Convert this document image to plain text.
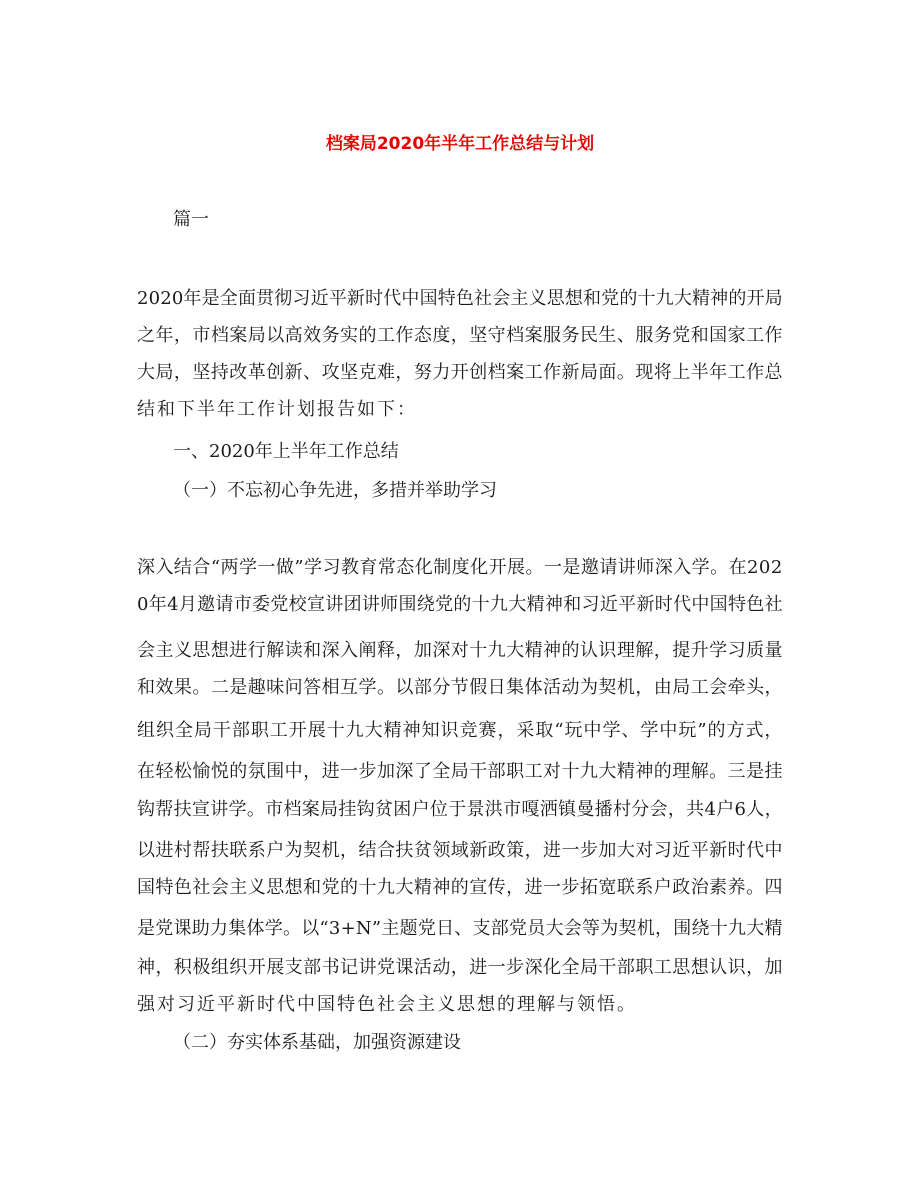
档案局2020年半年工作总结与计划
篇一
2020年是全面贯彻习近平新时代中国特色社会主义思想和党的十九大精神的开局
之年，市档案局以高效务实的工作态度，坚守档案服务民生、服务党和国家工作
大局，坚持改革创新、攻坚克难，努力开创档案工作新局面。现将上半年工作总
结和下半年工作计划报告如下：
一、2020年上半年工作总结
（一）不忘初心争先进，多措并举助学习
深入结合“两学一做”学习教育常态化制度化开展。一是邀请讲师深入学。在202
0年4月邀请市委党校宣讲团讲师围绕党的十九大精神和习近平新时代中国特色社
会主义思想进行解读和深入阐释，加深对十九大精神的认识理解，提升学习质量
和效果。二是趣味问答相互学。以部分节假日集体活动为契机，由局工会牵头，
组织全局干部职工开展十九大精神知识竞赛，采取“玩中学、学中玩”的方式，
在轻松愉悦的氛围中，进一步加深了全局干部职工对十九大精神的理解。三是挂
钩帮扶宣讲学。市档案局挂钩贫困户位于景洪市嘎洒镇曼播村分会，共4户6人，
以进村帮扶联系户为契机，结合扶贫领域新政策，进一步加大对习近平新时代中
国特色社会主义思想和党的十九大精神的宣传，进一步拓宽联系户政治素养。四
是党课助力集体学。以“3+N”主题党日、支部党员大会等为契机，围绕十九大精
神，积极组织开展支部书记讲党课活动，进一步深化全局干部职工思想认识，加
强对习近平新时代中国特色社会主义思想的理解与领悟。
（二）夯实体系基础，加强资源建设
